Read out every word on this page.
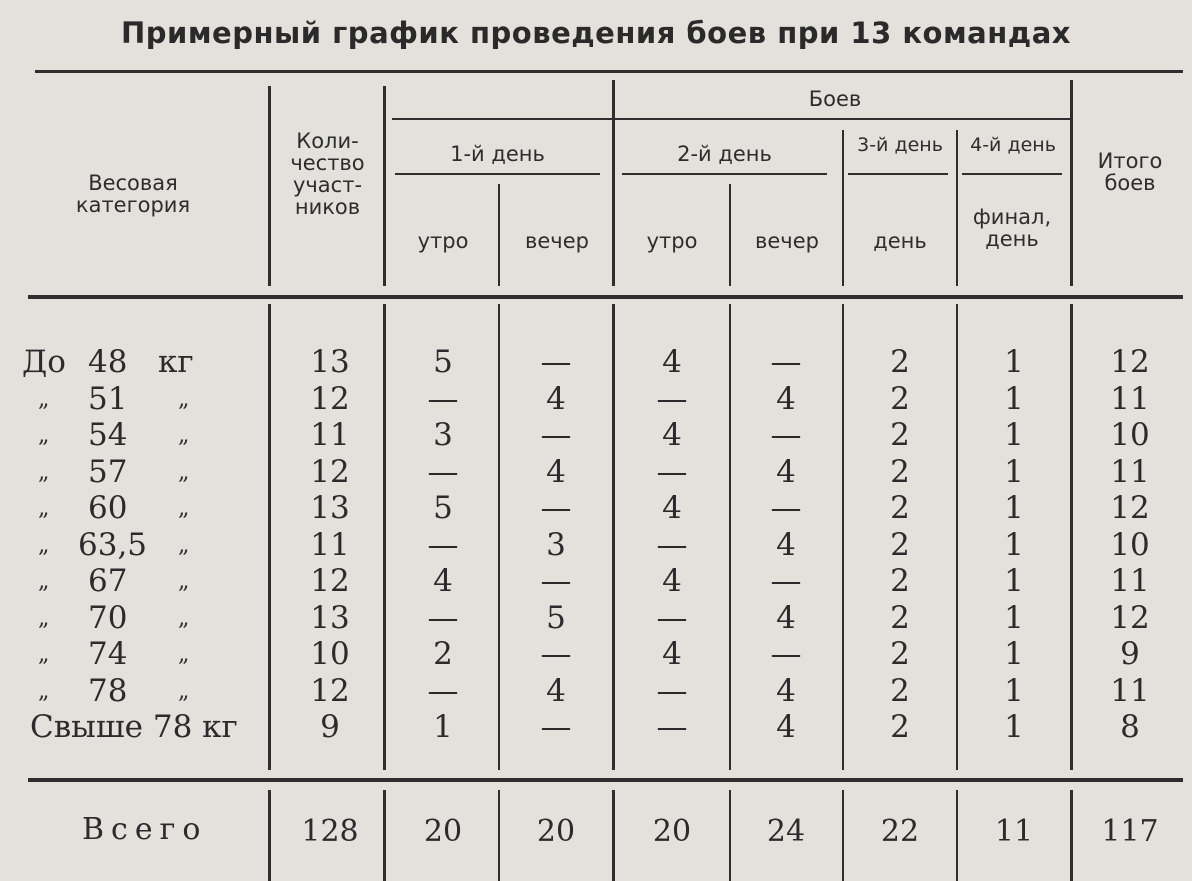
Примерный график проведения боев при 13 командах
Весовая категория
Коли-чество участ-ников
Боев
1-й день	2-й день	3-й день	4-й день
утро	вечер	утро	вечер	день
финал, день
Итого боев
До 48 кг	13	5	—	4	—	2	1	12
„ 51 „	12	—	4	—	4	2	1	11
„ 54 „	11	3	—	4	—	2	1	10
„ 57 „	12	—	4	—	4	2	1	11
„ 60 „	13	5	—	4	—	2	1	12
„ 63,5 „	11	—	3	—	4	2	1	10
„ 67 „	12	4	—	4	—	2	1	11
„ 70 „	13	—	5	—	4	2	1	12
„ 74 „	10	2	—	4	—	2	1	9
„ 78 „	12	—	4	—	4	2	1	11
Свыше 78 кг	9	1	—	—	4	2	1	8
Всего	128	20	20	20	24	22	11	117
